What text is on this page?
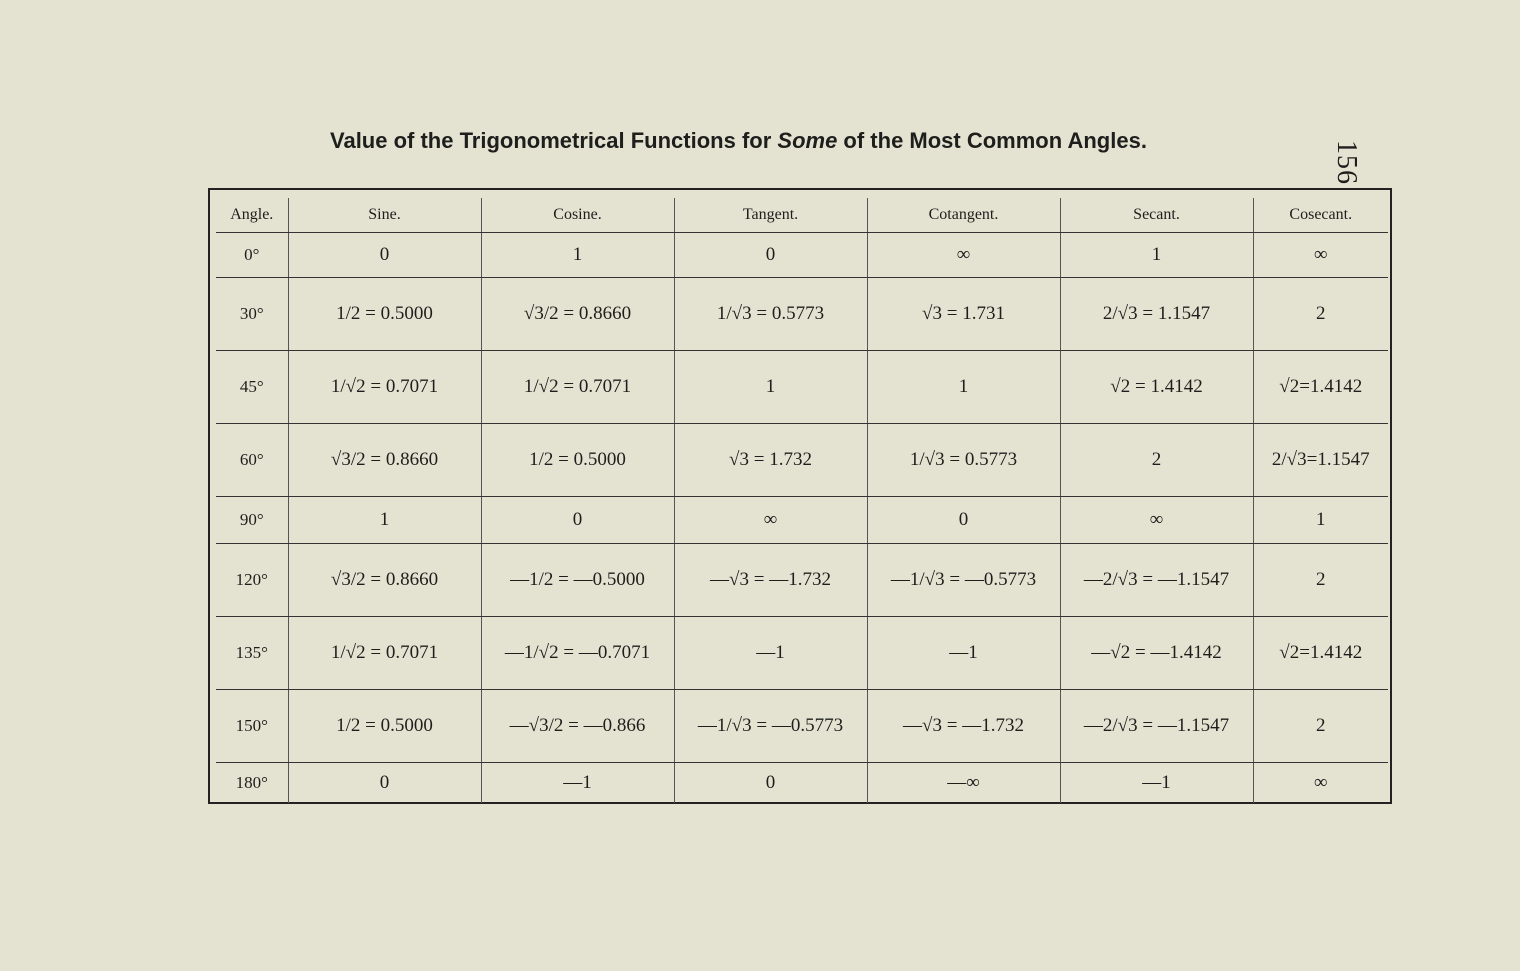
156
Value of the Trigonometrical Functions for Some of the Most Common Angles.
Angle.	Sine.	Cosine.	Tangent.	Cotangent.	Secant.	Cosecant.
0°	0	1	0	∞	1	∞
30°	1/2 = 0.5000	√3/2 = 0.8660	1/√3 = 0.5773	√3 = 1.731	2/√3 = 1.1547	2
45°	1/√2 = 0.7071	1/√2 = 0.7071	1	1	√2 = 1.4142	√2=1.4142
60°	√3/2 = 0.8660	1/2 = 0.5000	√3 = 1.732	1/√3 = 0.5773	2	2/√3=1.1547
90°	1	0	∞	0	∞	1
120°	√3/2 = 0.8660	—1/2 = —0.5000	—√3 = —1.732	—1/√3 = —0.5773	—2/√3 = —1.1547	2
135°	1/√2 = 0.7071	—1/√2 = —0.7071	—1	—1	—√2 = —1.4142	√2=1.4142
150°	1/2 = 0.5000	—√3/2 = —0.866	—1/√3 = —0.5773	—√3 = —1.732	—2/√3 = —1.1547	2
180°	0	—1	0	—∞	—1	∞
